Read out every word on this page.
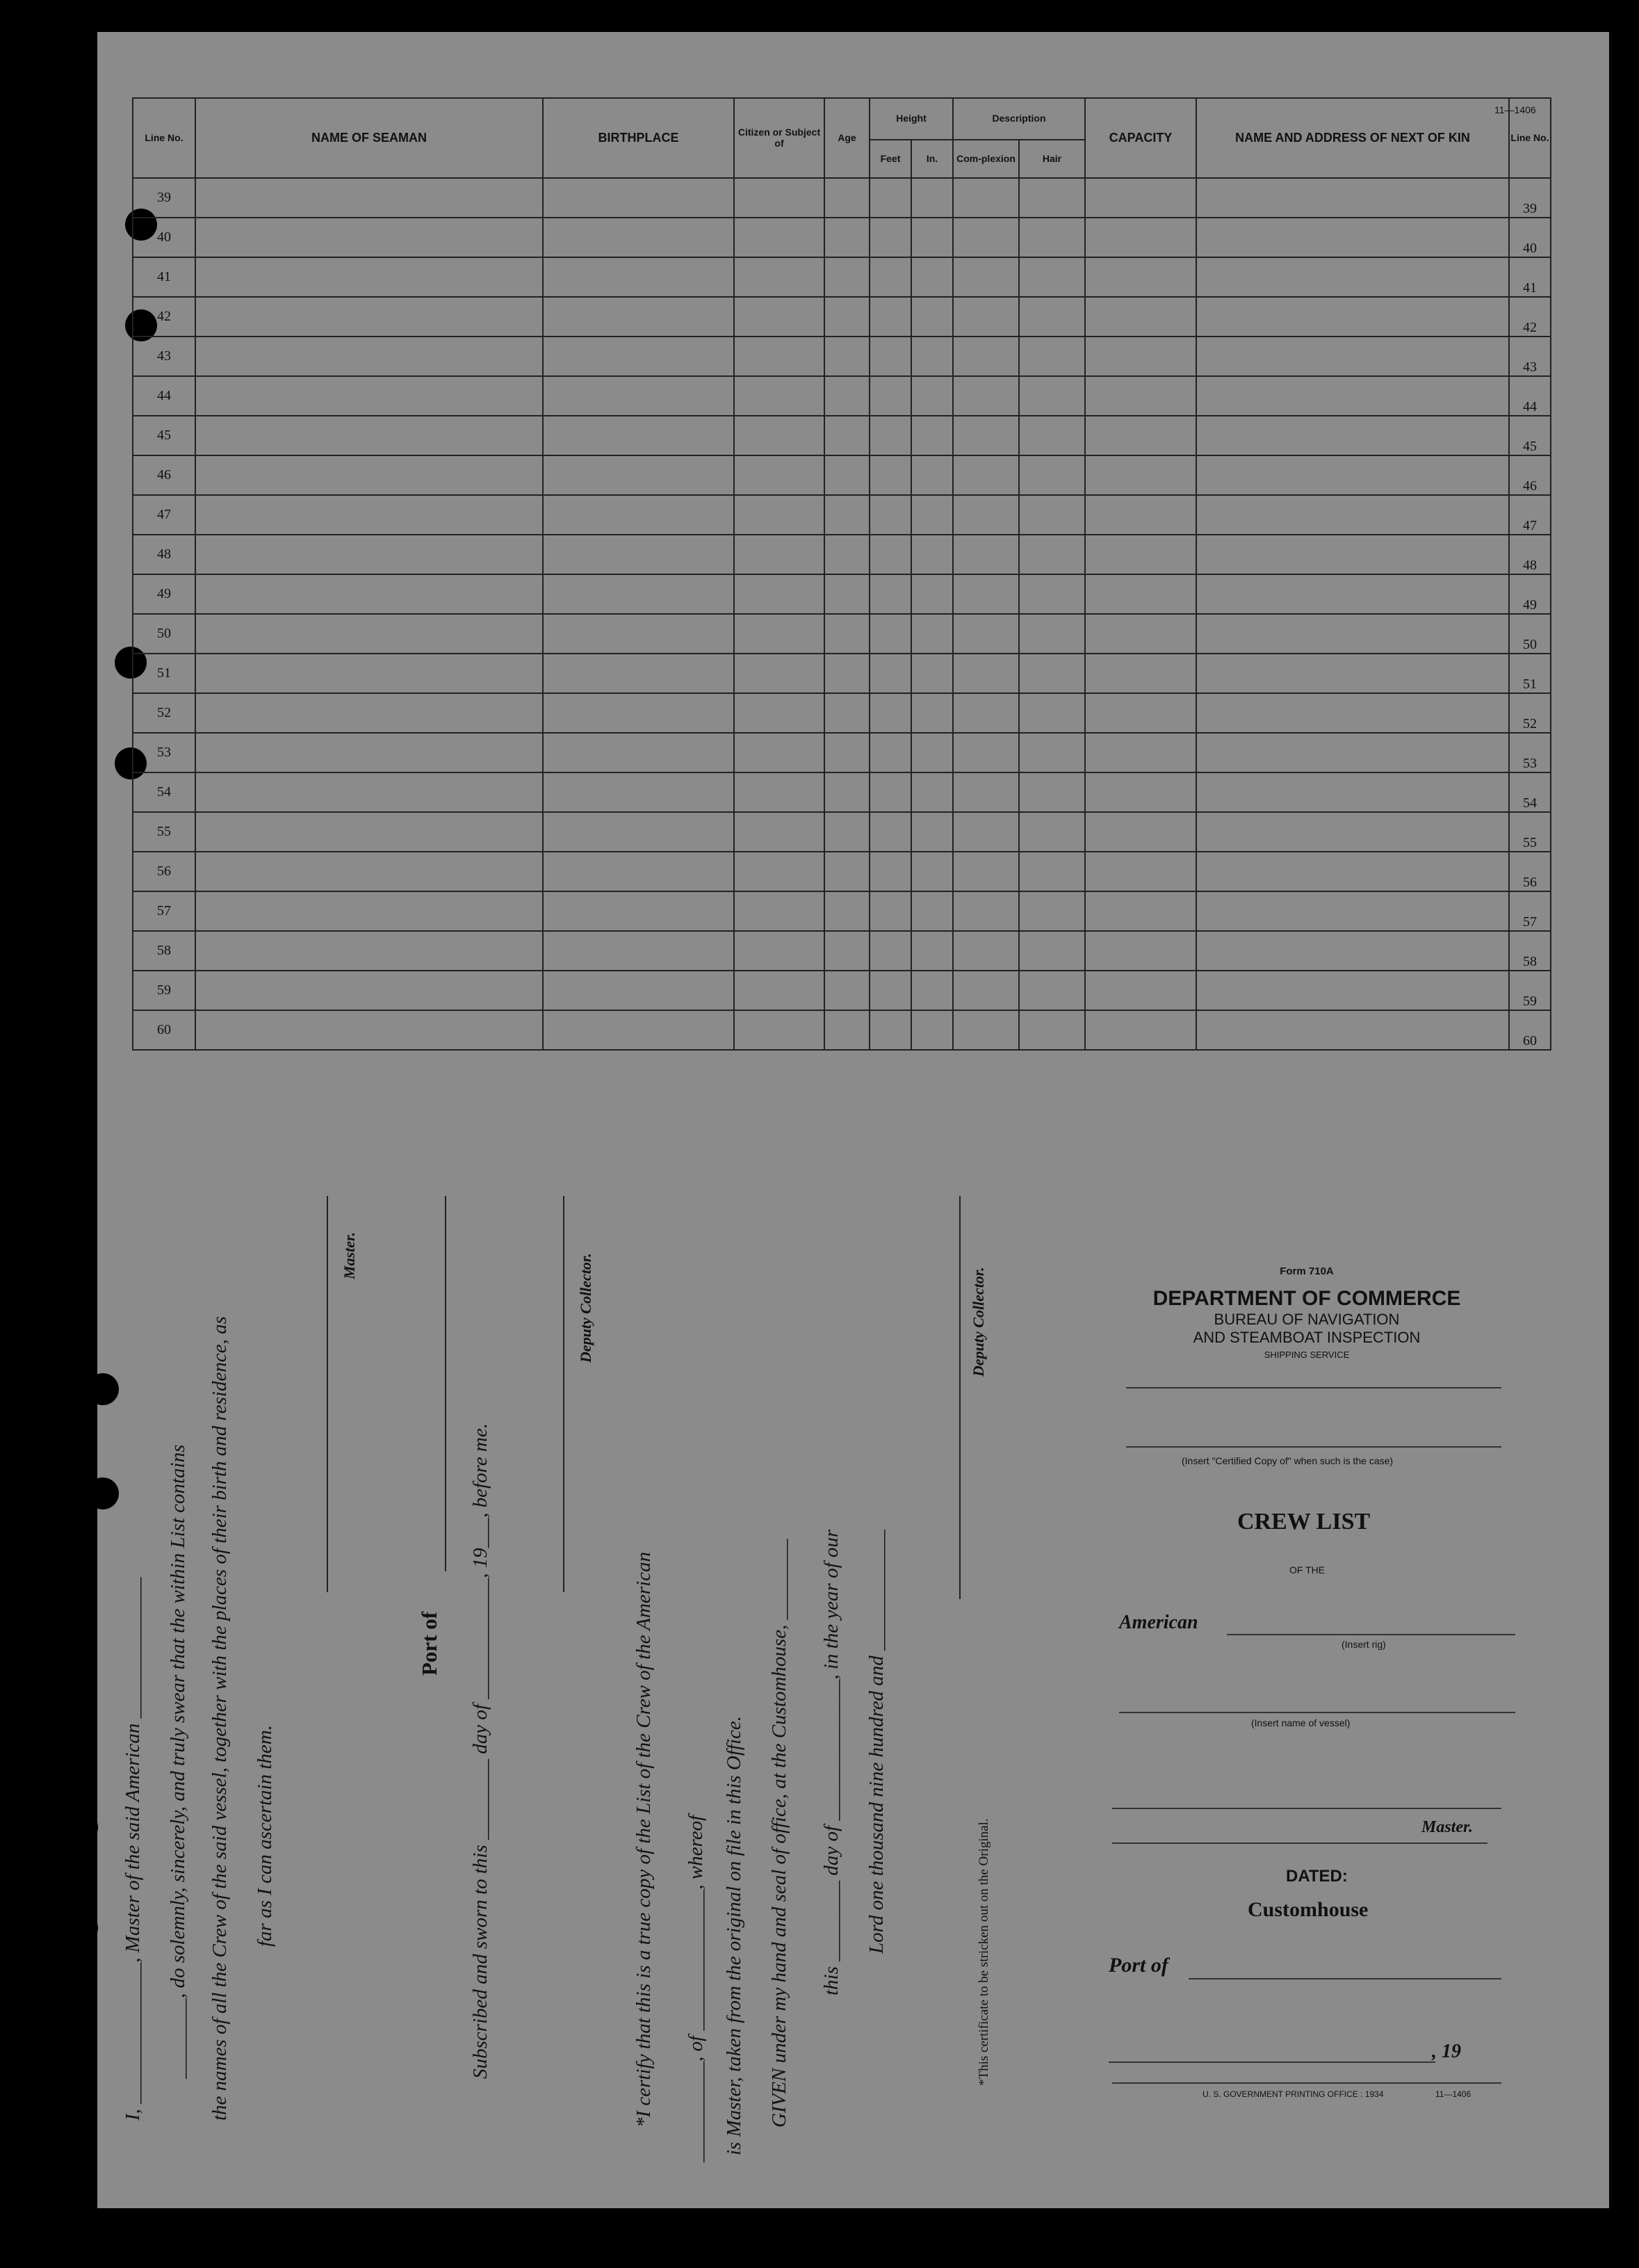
11—1406
Line No.	NAME OF SEAMAN	BIRTHPLACE	Citizen or Subject of	Age	Height		Description		CAPACITY	NAME AND ADDRESS OF NEXT OF KIN	Line No.
					Feet	In.	Com-plexion	Hair			
39											39
40											40
41											41
42											42
43											43
44											44
45											45
46											46
47											47
48											48
49											49
50											50
51											51
52											52
53											53
54											54
55											55
56											56
57											57
58											58
59											59
60											60
I, ______________, Master of the said American ______________ ________, do solemnly, sincerely, and truly swear that the within List contains the names of all the Crew of the said vessel, together with the places of their birth and residence, as far as I can ascertain them.
Master.
Port of Subscribed and sworn to this ________ day of ____________, 19___, before me.
Deputy Collector.
*I certify that this is a true copy of the List of the Crew of the American __________, of ______________, whereof is Master, taken from the original on file in this Office. GIVEN under my hand and seal of office, at the Customhouse, ________ this ________ day of ______________, in the year of our Lord one thousand nine hundred and ____________
Deputy Collector.
*This certificate to be stricken out on the Original.
Form 710A
DEPARTMENT OF COMMERCE
BUREAU OF NAVIGATION
AND STEAMBOAT INSPECTION
SHIPPING SERVICE
(Insert "Certified Copy of" when such is the case)
CREW LIST
OF THE
American
(Insert rig)
(Insert name of vessel)
Master.
DATED:
Customhouse
Port of
, 19
U. S. GOVERNMENT PRINTING OFFICE : 1934	11—1406
